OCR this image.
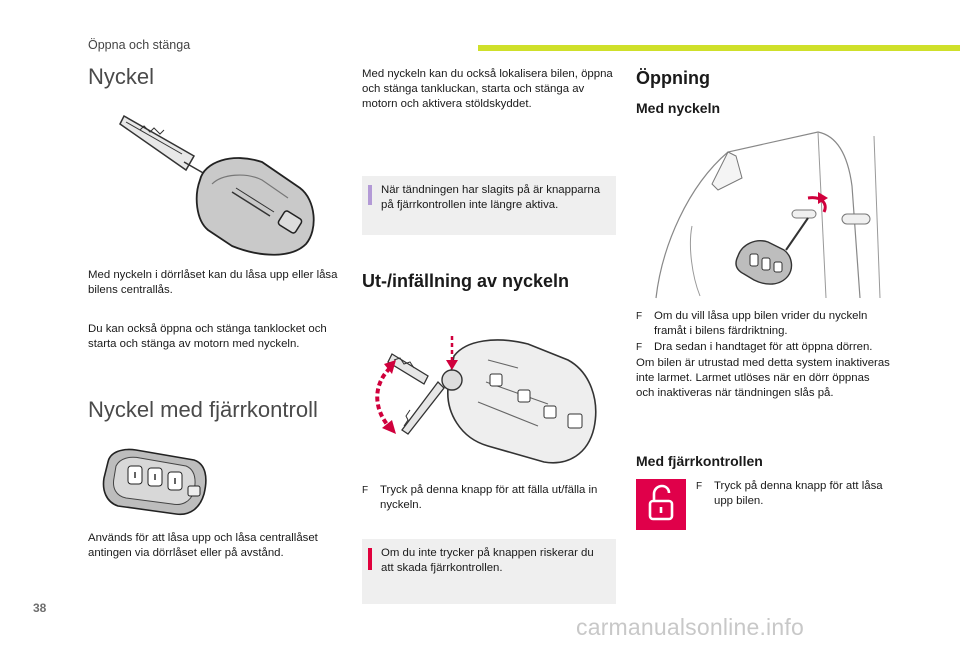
Öppna och stänga
Nyckel
Med nyckeln i dörrlåset kan du låsa upp eller låsa bilens centrallås.
Du kan också öppna och stänga tanklocket och starta och stänga av motorn med nyckeln.
Nyckel med fjärrkontroll
Används för att låsa upp och låsa centrallåset antingen via dörrlåset eller på avstånd.
Med nyckeln kan du också lokalisera bilen, öppna och stänga tankluckan, starta och stänga av motorn och aktivera stöldskyddet.
När tändningen har slagits på är knapparna på fjärrkontrollen inte längre aktiva.
Ut-/infällning av nyckeln
F Tryck på denna knapp för att fälla ut/fälla in nyckeln.
Om du inte trycker på knappen riskerar du att skada fjärrkontrollen.
Öppning
Med nyckeln
F Om du vill låsa upp bilen vrider du nyckeln framåt i bilens färdriktning.
F Dra sedan i handtaget för att öppna dörren.
Om bilen är utrustad med detta system inaktiveras inte larmet. Larmet utlöses när en dörr öppnas och inaktiveras när tändningen slås på.
Med fjärrkontrollen
F Tryck på denna knapp för att låsa upp bilen.
38
carmanualsonline.info
